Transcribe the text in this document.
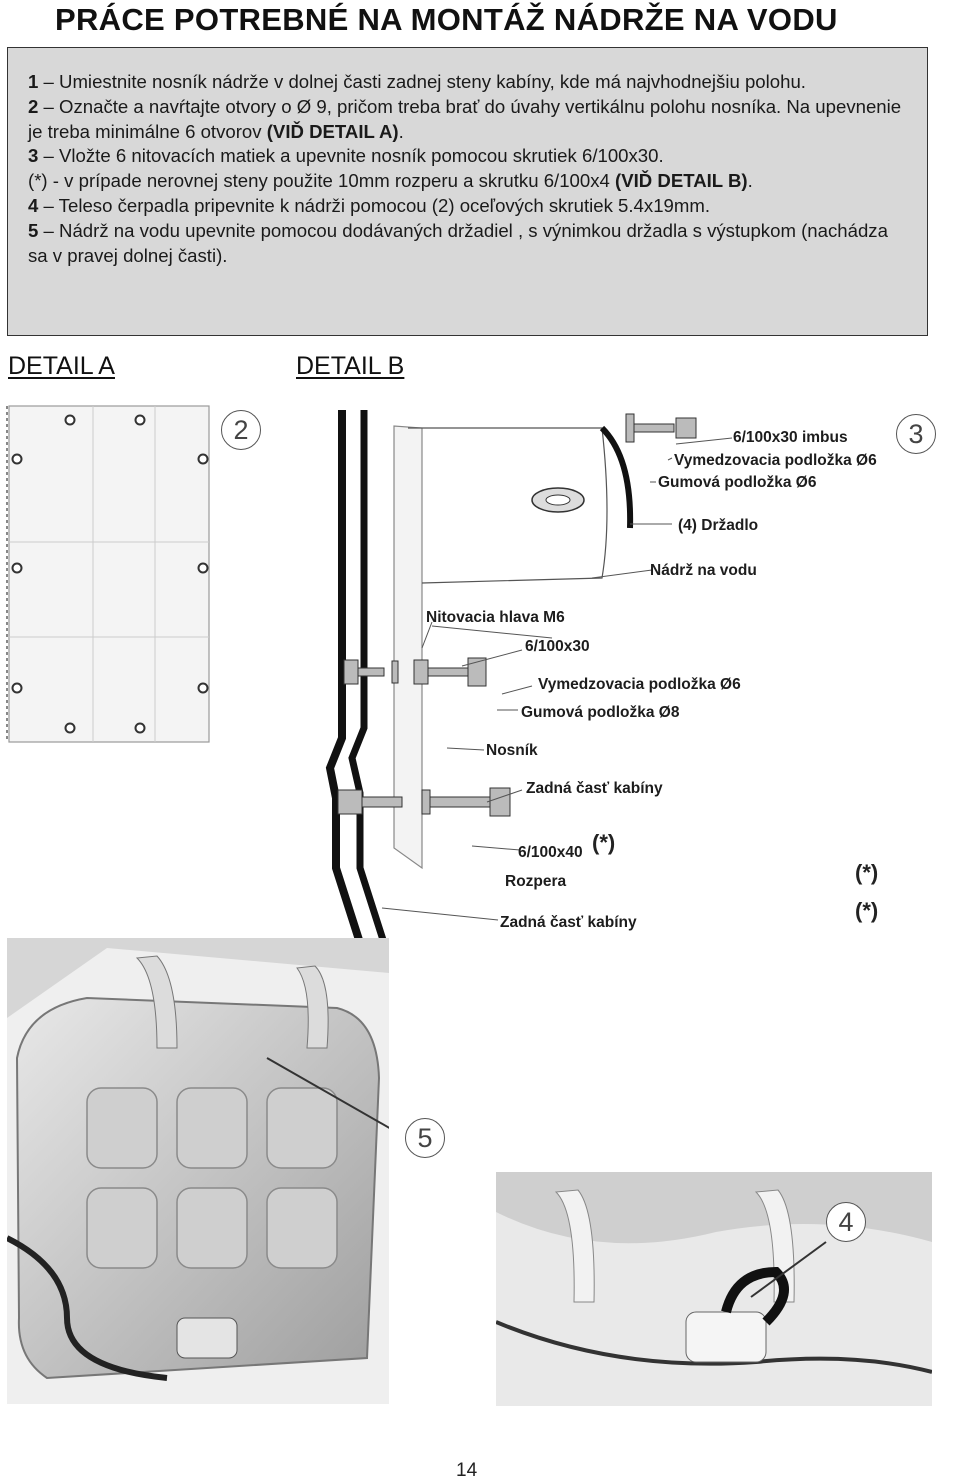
PRÁCE POTREBNÉ NA MONTÁŽ NÁDRŽE NA VODU

1 – Umiestnite nosník nádrže v dolnej časti zadnej steny kabíny, kde má najvhodnejšiu polohu.

2 – Označte a navŕtajte otvory o Ø 9, pričom treba brať do úvahy vertikálnu polohu nosníka. Na upevnenie je treba minimálne 6 otvorov (VIĎ DETAIL A).

3 – Vložte 6 nitovacích matiek a upevnite nosník pomocou skrutiek 6/100x30.

(*) - v prípade nerovnej steny použite 10mm rozperu a skrutku 6/100x4 (VIĎ DETAIL B).

4 – Teleso čerpadla pripevnite k nádrži pomocou (2) oceľových skrutiek 5.4x19mm.

5 – Nádrž na vodu upevnite pomocou dodávaných držadiel , s výnimkou držadla s výstupkom (nachádza sa v pravej dolnej časti).

DETAIL A	DETAIL B
2	3
6/100x30 imbus
Vymedzovacia podložka Ø6
Gumová podložka Ø6
(4) Držadlo
Nádrž na vodu
Nitovacia hlava M6
6/100x30
Vymedzovacia podložka Ø6
Gumová podložka Ø8
Nosník
Zadná časť kabíny
6/100x40 (*)
Rozpera
Zadná časť kabíny
(*)
(*)
5
4
14
